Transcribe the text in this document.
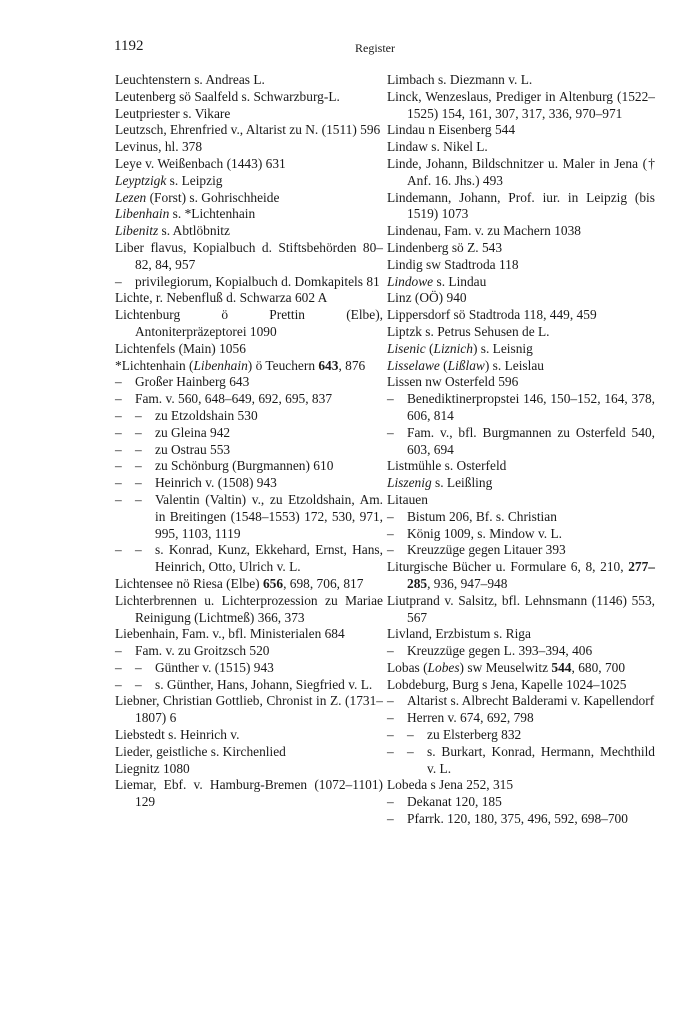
1192	Register
Leuchtenstern s. Andreas L.
Leutenberg sö Saalfeld s. Schwarzburg-L.
Leutpriester s. Vikare
Leutzsch, Ehrenfried v., Altarist zu N. (1511) 596
Levinus, hl. 378
Leye v. Weißenbach (1443) 631
Leyptzigk s. Leipzig
Lezen (Forst) s. Gohrischheide
Libenhain s. *Lichtenhain
Libenitz s. Abtlöbnitz
Liber flavus, Kopialbuch d. Stiftsbehörden 80–82, 84, 957
– privilegiorum, Kopialbuch d. Domkapitels 81
Lichte, r. Nebenfluß d. Schwarza 602 A
Lichtenburg ö Prettin (Elbe), Antoniterpräzeptorei 1090
Lichtenfels (Main) 1056
*Lichtenhain (Libenhain) ö Teuchern 643, 876
– Großer Hainberg 643
– Fam. v. 560, 648–649, 692, 695, 837
– – zu Etzoldshain 530
– – zu Gleina 942
– – zu Ostrau 553
– – zu Schönburg (Burgmannen) 610
– – Heinrich v. (1508) 943
– – Valentin (Valtin) v., zu Etzoldshain, Am. in Breitingen (1548–1553) 172, 530, 971, 995, 1103, 1119
– – s. Konrad, Kunz, Ekkehard, Ernst, Hans, Heinrich, Otto, Ulrich v. L.
Lichtensee nö Riesa (Elbe) 656, 698, 706, 817
Lichterbrennen u. Lichterprozession zu Mariae Reinigung (Lichtmeß) 366, 373
Liebenhain, Fam. v., bfl. Ministerialen 684
– Fam. v. zu Groitzsch 520
– – Günther v. (1515) 943
– – s. Günther, Hans, Johann, Siegfried v. L.
Liebner, Christian Gottlieb, Chronist in Z. (1731–1807) 6
Liebstedt s. Heinrich v.
Lieder, geistliche s. Kirchenlied
Liegnitz 1080
Liemar, Ebf. v. Hamburg-Bremen (1072–1101) 129
Limbach s. Diezmann v. L.
Linck, Wenzeslaus, Prediger in Altenburg (1522–1525) 154, 161, 307, 317, 336, 970–971
Lindau n Eisenberg 544
Lindaw s. Nikel L.
Linde, Johann, Bildschnitzer u. Maler in Jena († Anf. 16. Jhs.) 493
Lindemann, Johann, Prof. iur. in Leipzig (bis 1519) 1073
Lindenau, Fam. v. zu Machern 1038
Lindenberg sö Z. 543
Lindig sw Stadtroda 118
Lindowe s. Lindau
Linz (OÖ) 940
Lippersdorf sö Stadtroda 118, 449, 459
Liptzk s. Petrus Sehusen de L.
Lisenic (Liznich) s. Leisnig
Lisselawe (Lißlaw) s. Leislau
Lissen nw Osterfeld 596
– Benediktinerpropstei 146, 150–152, 164, 378, 606, 814
– Fam. v., bfl. Burgmannen zu Osterfeld 540, 603, 694
Listmühle s. Osterfeld
Liszenig s. Leißling
Litauen
– Bistum 206, Bf. s. Christian
– König 1009, s. Mindow v. L.
– Kreuzzüge gegen Litauer 393
Liturgische Bücher u. Formulare 6, 8, 210, 277–285, 936, 947–948
Liutprand v. Salsitz, bfl. Lehnsmann (1146) 553, 567
Livland, Erzbistum s. Riga
– Kreuzzüge gegen L. 393–394, 406
Lobas (Lobes) sw Meuselwitz 544, 680, 700
Lobdeburg, Burg s Jena, Kapelle 1024–1025
– Altarist s. Albrecht Balderami v. Kapellendorf
– Herren v. 674, 692, 798
– – zu Elsterberg 832
– – s. Burkart, Konrad, Hermann, Mechthild v. L.
Lobeda s Jena 252, 315
– Dekanat 120, 185
– Pfarrk. 120, 180, 375, 496, 592, 698–700
